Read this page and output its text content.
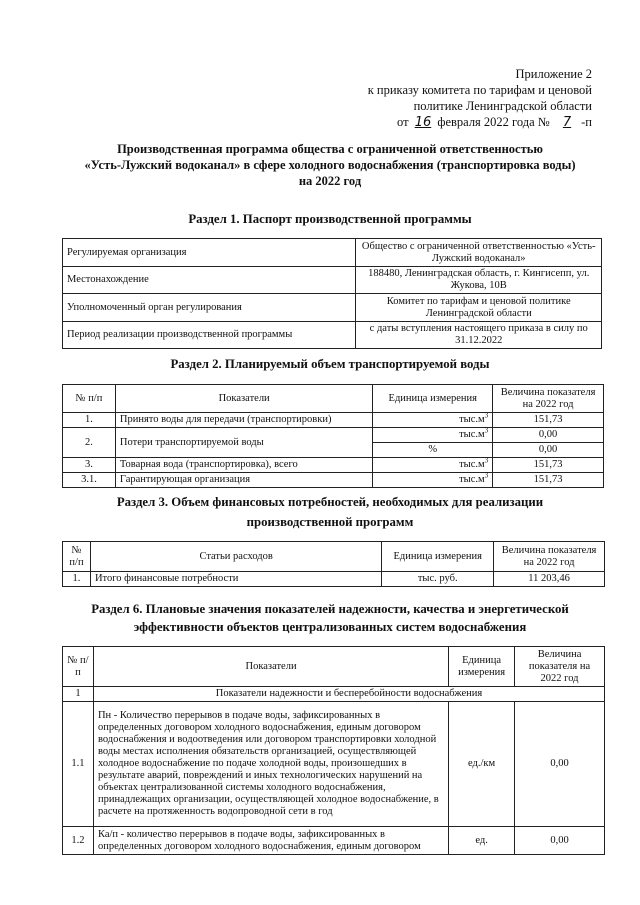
Приложение 2
к приказу комитета по тарифам и ценовой
политике Ленинградской области
от 16 февраля 2022 года № 7 -п
Производственная программа общества с ограниченной ответственностью
«Усть-Лужский водоканал» в сфере холодного водоснабжения (транспортировка воды)
на 2022 год
Раздел 1. Паспорт производственной программы
Регулируемая организация	Общество с ограниченной ответственностью «Усть-Лужский водоканал»
Местонахождение	188480, Ленинградская область, г. Кингисепп, ул. Жукова, 10В
Уполномоченный орган регулирования	Комитет по тарифам и ценовой политике Ленинградской области
Период реализации производственной программы	с даты вступления настоящего приказа в силу по 31.12.2022
Раздел 2. Планируемый объем транспортируемой воды
№ п/п	Показатели	Единица измерения	Величина показателя на 2022 год
1.	Принято воды для передачи (транспортировки)	$тыс.м^3$	151,73
2.	Потери транспортируемой воды	$тыс.м^3$	0,00
		%	0,00
3.	Товарная вода (транспортировка), всего	$тыс.м^3$	151,73
3.1.	Гарантирующая организация	$тыс.м^3$	151,73
Раздел 3. Объем финансовых потребностей, необходимых для реализации
производственной программ
№ п/п	Статьи расходов	Единица измерения	Величина показателя на 2022 год
1.	Итого финансовые потребности	тыс. руб.	11 203,46
Раздел 6. Плановые значения показателей надежности, качества и энергетической
эффективности объектов централизованных систем водоснабжения
№ п/п	Показатели	Единица измерения	Величина показателя на 2022 год
1	Показатели надежности и бесперебойности водоснабжения		
1.1	Пн - Количество перерывов в подаче воды, зафиксированных в определенных договором холодного водоснабжения, единым договором водоснабжения и водоотведения или договором транспортировки холодной воды местах исполнения обязательств организацией, осуществляющей холодное водоснабжение по подаче холодной воды, произошедших в результате аварий, повреждений и иных технологических нарушений на объектах централизованной системы холодного водоснабжения, принадлежащих организации, осуществляющей холодное водоснабжение, в расчете на протяженность водопроводной сети в год	ед./км	0,00
1.2	Ка/п - количество перерывов в подаче воды, зафиксированных в определенных договором холодного водоснабжения, единым договором	ед.	0,00
